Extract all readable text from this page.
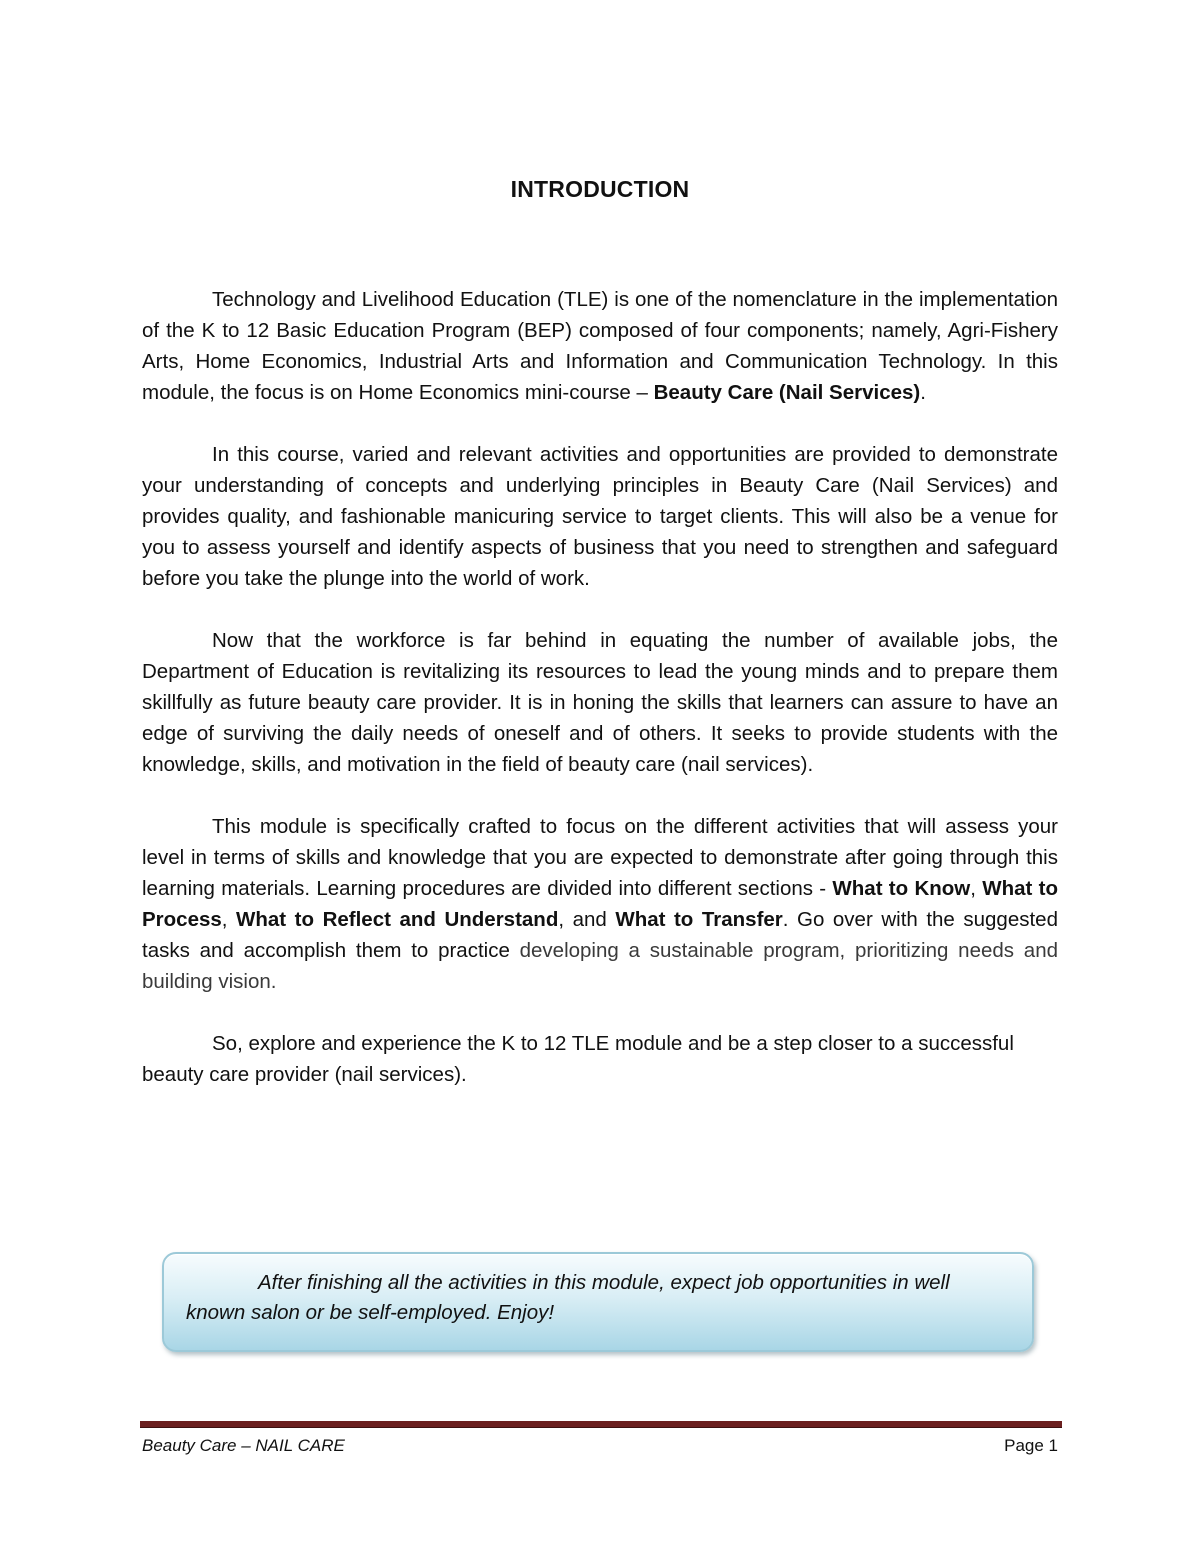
INTRODUCTION

Technology and Livelihood Education (TLE) is one of the nomenclature in the implementation of the K to 12 Basic Education Program (BEP) composed of four components; namely, Agri-Fishery Arts, Home Economics, Industrial Arts and Information and Communication Technology. In this module, the focus is on Home Economics mini-course – Beauty Care (Nail Services).

In this course, varied and relevant activities and opportunities are provided to demonstrate your understanding of concepts and underlying principles in Beauty Care (Nail Services) and provides quality, and fashionable manicuring service to target clients. This will also be a venue for you to assess yourself and identify aspects of business that you need to strengthen and safeguard before you take the plunge into the world of work.

Now that the workforce is far behind in equating the number of available jobs, the Department of Education is revitalizing its resources to lead the young minds and to prepare them skillfully as future beauty care provider. It is in honing the skills that learners can assure to have an edge of surviving the daily needs of oneself and of others. It seeks to provide students with the knowledge, skills, and motivation in the field of beauty care (nail services).

This module is specifically crafted to focus on the different activities that will assess your level in terms of skills and knowledge that you are expected to demonstrate after going through this learning materials. Learning procedures are divided into different sections - What to Know, What to Process, What to Reflect and Understand, and What to Transfer. Go over with the suggested tasks and accomplish them to practice developing a sustainable program, prioritizing needs and building vision.

So, explore and experience the K to 12 TLE module and be a step closer to a successful beauty care provider (nail services).

After finishing all the activities in this module, expect job opportunities in well known salon or be self-employed. Enjoy!

Beauty Care – NAIL CARE	Page 1
